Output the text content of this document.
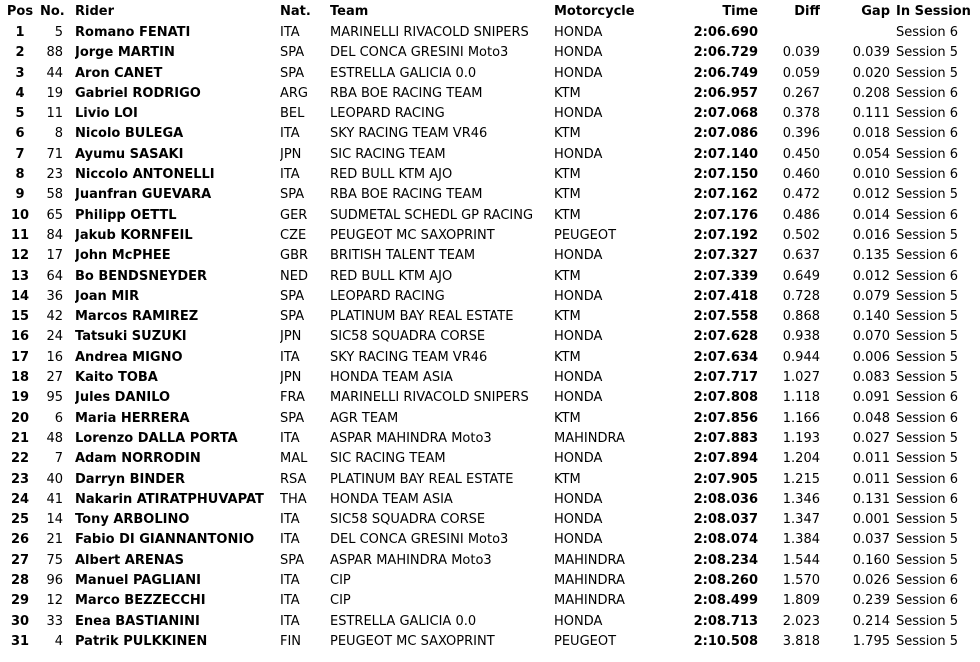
Pos	No.	Rider	Nat.	Team	Motorcycle	Time	Diff	Gap	In Session
1	5	Romano FENATI	ITA	MARINELLI RIVACOLD SNIPERS	HONDA	2:06.690			Session 6
2	88	Jorge MARTIN	SPA	DEL CONCA GRESINI Moto3	HONDA	2:06.729	0.039	0.039	Session 5
3	44	Aron CANET	SPA	ESTRELLA GALICIA 0.0	HONDA	2:06.749	0.059	0.020	Session 5
4	19	Gabriel RODRIGO	ARG	RBA BOE RACING TEAM	KTM	2:06.957	0.267	0.208	Session 6
5	11	Livio LOI	BEL	LEOPARD RACING	HONDA	2:07.068	0.378	0.111	Session 6
6	8	Nicolo BULEGA	ITA	SKY RACING TEAM VR46	KTM	2:07.086	0.396	0.018	Session 6
7	71	Ayumu SASAKI	JPN	SIC RACING TEAM	HONDA	2:07.140	0.450	0.054	Session 6
8	23	Niccolo ANTONELLI	ITA	RED BULL KTM AJO	KTM	2:07.150	0.460	0.010	Session 6
9	58	Juanfran GUEVARA	SPA	RBA BOE RACING TEAM	KTM	2:07.162	0.472	0.012	Session 5
10	65	Philipp OETTL	GER	SUDMETAL SCHEDL GP RACING	KTM	2:07.176	0.486	0.014	Session 6
11	84	Jakub KORNFEIL	CZE	PEUGEOT MC SAXOPRINT	PEUGEOT	2:07.192	0.502	0.016	Session 5
12	17	John McPHEE	GBR	BRITISH TALENT TEAM	HONDA	2:07.327	0.637	0.135	Session 6
13	64	Bo BENDSNEYDER	NED	RED BULL KTM AJO	KTM	2:07.339	0.649	0.012	Session 6
14	36	Joan MIR	SPA	LEOPARD RACING	HONDA	2:07.418	0.728	0.079	Session 5
15	42	Marcos RAMIREZ	SPA	PLATINUM BAY REAL ESTATE	KTM	2:07.558	0.868	0.140	Session 5
16	24	Tatsuki SUZUKI	JPN	SIC58 SQUADRA CORSE	HONDA	2:07.628	0.938	0.070	Session 5
17	16	Andrea MIGNO	ITA	SKY RACING TEAM VR46	KTM	2:07.634	0.944	0.006	Session 5
18	27	Kaito TOBA	JPN	HONDA TEAM ASIA	HONDA	2:07.717	1.027	0.083	Session 5
19	95	Jules DANILO	FRA	MARINELLI RIVACOLD SNIPERS	HONDA	2:07.808	1.118	0.091	Session 6
20	6	Maria HERRERA	SPA	AGR TEAM	KTM	2:07.856	1.166	0.048	Session 6
21	48	Lorenzo DALLA PORTA	ITA	ASPAR MAHINDRA Moto3	MAHINDRA	2:07.883	1.193	0.027	Session 5
22	7	Adam NORRODIN	MAL	SIC RACING TEAM	HONDA	2:07.894	1.204	0.011	Session 5
23	40	Darryn BINDER	RSA	PLATINUM BAY REAL ESTATE	KTM	2:07.905	1.215	0.011	Session 6
24	41	Nakarin ATIRATPHUVAPAT	THA	HONDA TEAM ASIA	HONDA	2:08.036	1.346	0.131	Session 6
25	14	Tony ARBOLINO	ITA	SIC58 SQUADRA CORSE	HONDA	2:08.037	1.347	0.001	Session 5
26	21	Fabio DI GIANNANTONIO	ITA	DEL CONCA GRESINI Moto3	HONDA	2:08.074	1.384	0.037	Session 5
27	75	Albert ARENAS	SPA	ASPAR MAHINDRA Moto3	MAHINDRA	2:08.234	1.544	0.160	Session 5
28	96	Manuel PAGLIANI	ITA	CIP	MAHINDRA	2:08.260	1.570	0.026	Session 6
29	12	Marco BEZZECCHI	ITA	CIP	MAHINDRA	2:08.499	1.809	0.239	Session 6
30	33	Enea BASTIANINI	ITA	ESTRELLA GALICIA 0.0	HONDA	2:08.713	2.023	0.214	Session 5
31	4	Patrik PULKKINEN	FIN	PEUGEOT MC SAXOPRINT	PEUGEOT	2:10.508	3.818	1.795	Session 5
